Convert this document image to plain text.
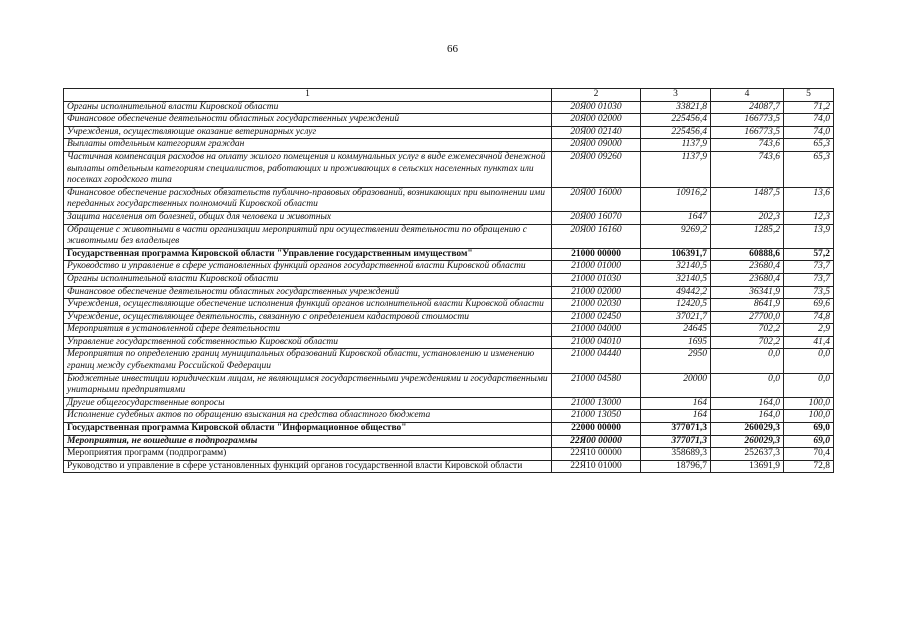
66
1	2	3	4	5
Органы исполнительной власти Кировской области	20Я00 01030	33821,8	24087,7	71,2
Финансовое обеспечение деятельности областных государственных учреждений	20Я00 02000	225456,4	166773,5	74,0
Учреждения, осуществляющие оказание ветеринарных услуг	20Я00 02140	225456,4	166773,5	74,0
Выплаты отдельным категориям граждан	20Я00 09000	1137,9	743,6	65,3
Частичная компенсация расходов на оплату жилого помещения и коммунальных услуг в виде ежемесячной денежной выплаты отдельным категориям специалистов, работающих и проживающих в сельских населенных пунктах или поселках городского типа	20Я00 09260	1137,9	743,6	65,3
Финансовое обеспечение расходных обязательств публично-правовых образований, возникающих при выполнении ими переданных государственных полномочий Кировской области	20Я00 16000	10916,2	1487,5	13,6
Защита населения от болезней, общих для человека и животных	20Я00 16070	1647	202,3	12,3
Обращение с животными в части организации мероприятий при осуществлении деятельности по обращению с животными без владельцев	20Я00 16160	9269,2	1285,2	13,9
Государственная программа Кировской области "Управление государственным имуществом"	21000 00000	106391,7	60888,6	57,2
Руководство и управление в сфере установленных функций органов государственной власти Кировской области	21000 01000	32140,5	23680,4	73,7
Органы исполнительной власти Кировской области	21000 01030	32140,5	23680,4	73,7
Финансовое обеспечение деятельности областных государственных учреждений	21000 02000	49442,2	36341,9	73,5
Учреждения, осуществляющие обеспечение исполнения функций органов исполнительной власти Кировской области	21000 02030	12420,5	8641,9	69,6
Учреждение, осуществляющее деятельность, связанную с определением кадастровой стоимости	21000 02450	37021,7	27700,0	74,8
Мероприятия в установленной сфере деятельности	21000 04000	24645	702,2	2,9
Управление государственной собственностью Кировской области	21000 04010	1695	702,2	41,4
Мероприятия по определению границ муниципальных образований Кировской области, установлению и изменению границ между субъектами Российской Федерации	21000 04440	2950	0,0	0,0
Бюджетные инвестиции юридическим лицам, не являющимся государственными учреждениями и государственными унитарными предприятиями	21000 04580	20000	0,0	0,0
Другие общегосударственные вопросы	21000 13000	164	164,0	100,0
Исполнение судебных актов по обращению взыскания на средства областного бюджета	21000 13050	164	164,0	100,0
Государственная программа Кировской области "Информационное общество"	22000 00000	377071,3	260029,3	69,0
Мероприятия, не вошедшие в подпрограммы	22Я00 00000	377071,3	260029,3	69,0
Мероприятия программ (подпрограмм)	22Я10 00000	358689,3	252637,3	70,4
Руководство и управление в сфере установленных функций органов государственной власти Кировской области	22Я10 01000	18796,7	13691,9	72,8
